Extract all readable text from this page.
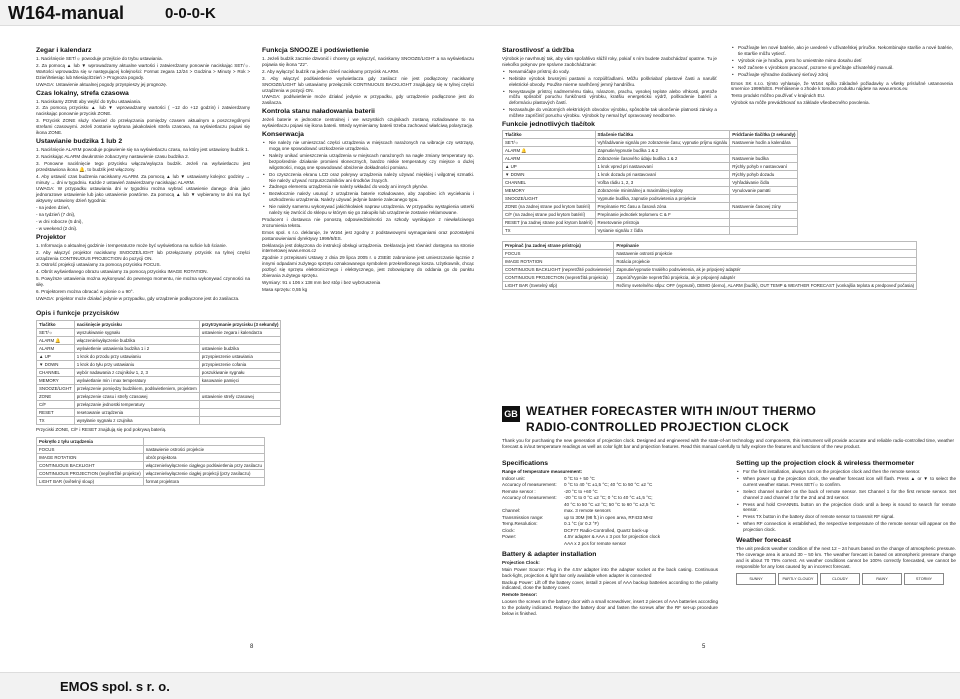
W164-manual	0-0-0-K
Zegar i kalendarz
1. Naciśnięcie SET/☼ powoduje przejście do trybu ustawiania.
2. Za pomocą ▲ lub ▼ wprowadzamy aktualne wartości i zatwierdzamy ponownie naciskając SET/☼. Wartości wprowadza się w następującej kolejności: Format zegara 12/24 > Godzina > Minuty > Rok > Dzień/Miesiąc lub Miesiąc/Dzień > Prognoza pogody.
UWAGA: Ustawienie aktualnej pogody przyspieszy jej prognozę.
Czas lokalny, strefa czasowa
1. Naciskamy ZONE aby wejść do trybu ustawiania.
2. Za pomocą przycisku ▲ lub ▼ wprowadzamy wartości ( −12 do +12 godzin) i zatwierdzamy naciskając ponownie przycisk ZONE.
3. Przycisk ZONE służy również do przełączania pomiędzy czasem aktualnym a poszczególnymi strefami czasowymi. Jeżeli zostanie wybrana jakakolwiek strefa czasowa, na wyświetlaczu pojawi się ikona ZONE.
Ustawianie budzika 1 lub 2
1. Naciśnięcie ALARM powoduje pojawienie się na wyświetlaczu czasu, na który jest ustawiony budzik 1.
2. Naciskając ALARM dwukrotnie zobaczymy nastawienie czasu budzika 2.
3. Ponowne naciśnięcie tego przycisku włącza/wyłącza budzik. Jeżeli na wyświetlaczu jest przedstawiona ikona 🔔, to budzik jest włączony.
4. Aby ustawić czas budzenia naciskamy ALARM. Za pomocą ▲ lub ▼ ustawiamy kolejno: godziny → minuty → dni w tygodniu. Każde z ustawień zatwierdzamy naciskając ALARM.
UWAGA: W przypadku ustawiania dni w tygodniu można wybrać ustawienie danego dnia jako jednorazowe ustawienie lub jako ustawienie powtórne. Za pomocą ▲ lub ▼ wybieramy te dni ma być aktywny ustawiony dzień tygodnia:
- na jeden dzień,
- na tydzień (7 dni),
- w dni robocze (5 dni),
- w weekend (2 dni).
Projektor
1. Informacja o aktualnej godzinie i temperaturze może być wyświetlona na suficie lub ścianie.
2. Aby włączyć projektor naciskamy SNOOZE/LIGHT lub przełączamy przycisk na tylnej części urządzenia CONTINUOUS PROJECTION do pozycji ON.
3. Ostrość projekcji ustawiamy za pomocą przycisku FOCUS.
4. Obrót wyświetlanego obrazu ustawiamy za pomocą przycisku IMAGE ROTATION.
5. Powyższe ustawienia można wykonywać do pewnego momentu, nie można wykonywać czynności na siłę.
6. Projektorem można obracać w pionie o ± 90°.
UWAGA: projektor może działać jedynie w przypadku, gdy urządzenie podłączone jest do zasilacza.
Opis i funkcje przycisków
Tlačítko	naciśnięcie przycisku	przytrzymanie przycisku (3 sekundy)
SET/☼	wyszukiwanie sygnału	ustawienie zegara i kalendarza
ALARM 🔔	włączenie/wyłączenie budzika	
ALARM	wyświetlenie ustawienia budzika 1 i 2	ustawienie budzika
▲ UP	1 krok do przodu przy ustawianiu	przyspieszenie ustawiania
▼ DOWN	1 krok do tyłu przy ustawianiu	przyspieszenie cofania
CHANNEL	wybór nadawania z czujników 1, 2, 3	poszukiwanie sygnału
MEMORY	wyświetlanie min i max temperatury	kasowanie pamięci
SNOOZE/LIGHT	przełączenie pomiędzy budzikiem, podświetleniem, projektem	
ZONE	przełączenie czasu i strefy czasowej	ustawienie strefy czasowej
C/F	przełączanie jednostki temperatury	
RESET	resetowanie urządzenia	
TX	wysyłanie sygnału z czujnika	
Przyciski ZONE, C/F i RESET znajdują się pod pokrywą baterią.
Pokrętło z tyłu urządzenia	
FOCUS	nastawienie ostrości projekcie
IMAGE ROTATION	obrót projektora
CONTINUOUS BACKLIGHT	włączenie/wyłączenie ciągłego podświetlenia przy zasilaczu
CONTINUOUS PROJECTION (nepřetržité projekce)	włączenie/wyłączenie ciągłej projekcji (przy zasilaczu)
LIGHT BAR (světelný sloup)	format projektora
Funkcja SNOOZE i podświetlenie
1. Jeżeli budzik zacznie dzwonić i chcemy go wyłączyć, naciskamy SNOOZE/LIGHT a na wyświetlaczu pojawia się ikona "Zz".
2. Aby wyłączyć budzik na jeden dzień naciskamy przycisk ALARM.
3. Aby włączyć podświetlenie wyświetlacza gdy zasilacz nie jest podłączony naciskamy SNOOZE/LIGHT lub ustawiamy przełącznik CONTINUOUS BACKLIGHT znajdujący się w tylnej części urządzenia w pozycji ON.
UWAGA: podświetlenie może działać jedynie w przypadku, gdy urządzenie podłączone jest do zasilacza.
Kontrola stanu naładowania baterii
Jeżeli baterie w jednostce centralnej i we wszystkich czujnikach zostaną rozładowane to na wyświetlaczu pojawi się ikona baterii. Wtedy wymieniamy baterii trzeba zachować właściwą polaryzację.
Konserwacja
• Nie należy nie umieszczać części urządzenia w miejscach narażonych na wibracje czy wstrząsy, mogą one spowodować uszkodzenie urządzenia.
• Należy unikać umieszczenia urządzenia w miejscach narażonych na nagłe zmiany temperatury np. bezpośrednie działanie promieni słonecznych, bardzo niskie temperatury czy miejsce o dużej wilgotności, mogą one spowodować obniżenie dokładności pomiaru.
• Do czyszczenia ekranu LCD oraz pokrywy urządzenia należy używać miękkiej i wilgotnej szmatki. Nie należy używać rozpuszczalników ani środków żrących.
• Żadnego elementu urządzenia nie należy wkładać do wody ani innych płynów.
• Bezwłocznie należy usunąć z urządzenia baterie rozładowane, aby zapobiec ich wyciekaniu i uszkodzeniu urządzenia. Należy używać jedynie baterie zalecanego typu.
• Nie należy samemu wykonywać jakichkolwiek napraw urządzenia. W przypadku wystąpienia usterki należy się zwrócić do sklepu w którym się go zakupiło lub urządzenie zostanie reklamowane.
Producent i dostawca nie ponoszą odpowiedzialności za szkody wynikające z niewłaściwego zrozumienia tekstu.
Emos spol. s r.o. deklaruje, że W164 jest zgodny z podstawowymi wymaganiami oraz pozostałymi postanowieniami dyrektywy 1999/5/ES.
Deklaracja jest dołączona do instrukcji obsługi urządzenia. Deklaracja jest również dostępna na stronie internetowej www.emos.cz
Zgodnie z przepisami Ustawy z dnia 29 lipca 2005 r. o ZSEiE zabronione jest umieszczanie łącznie z innymi odpadami zużytego sprzętu oznakowanego symbolem przekreślonego kosza. Użytkownik, chcąc pozbyć się sprzętu elektronicznego i elektrycznego, jest zobowiązany do oddania go do punktu zbierania zużytego sprzętu.
Wymiary: 91 x 106 x 138 mm bez stóp i bez wybrzuszenia
Masa sprzętu: 0,55 kg
Starostlivosť a údržba
Výrobok je navrhnutý tak, aby vám spoľahlivo slúžil roky, pokiaľ s ním budete zaobchádzať opatrne. Tu je niekoľko pokynov pre správne zaobchádzanie:
• Nenamáčajte prístroj do vody.
• Nebitúte výrobok brusnými pastami a rozpúšťadlami. Môžu poškriabať plastové časti a narušiť elektrické obvody. Použite mierne navlhčený jemný handričku.
• Nevystavujte prístroj nadmernému tlaku, nárazom, prachu, vysokej teplote alebo vlhkosti, pretože môžu spôsobiť poruchu funkčnosti výrobku, kratšiu energetickú výdrž, poškodenie batérií a deformáciu plastových častí.
• Nezasahujte do vnútorných elektrických obvodov výrobku, spôsobíte tak ukončenie platnosti záruky a môžete zapríčiniť poruchu výrobku. Výrobok by nemal byť opravovaný neodborne.
Funkcie jednotlivých tlačítok
Tlačítko	Stlačenie tlačítka	Pridržanie tlačítka (3 sekundy)
SET/☼	Vyhľadávanie signálu pre zobrazenie času; vypnutie príjmu signálu	Nastavenie hodín a kalendára
ALARM 🔔	Zapnutie/vypnutie budíka 1 & 2	
ALARM	Zobrazenie časového údaju budíka 1 & 2	Nastavenie budíka
▲ UP	1 krok vpred pri nastavovaní	Rýchly pohyb v nastavovaní
▼ DOWN	1 krok dozadu pri nastavovaní	Rýchly pohyb dozadu
CHANNEL	Voľba rádiu 1, 2, 3	Vyhľadávanie čidla
MEMORY	Zobrazenie minimálnej a maximálnej teploty	Vynulovanie pamäti
SNOOZE/LIGHT	Vypnutie budíka, zapnutie podsvietenia a projekcie	
ZONE (na zadnej strane pod krytom batérií)	Prepínanie RC času a časová zóna	Nastavenie časovej zóny
C/F (na zadnej strane pod krytom batérií)	Prepínanie jednotiek teplomeru C & F	
RESET (na zadnej strane pod krytom batérií)	Resetovanie prístroja	
TX	Vysianie signálu z čidla	
Prepínač (na zadnej strane prístroja)	Prepínanie
FOCUS	Nastavenie ostrosti projekcie
IMAGE ROTATION	Rotácia projekcie
CONTINUOUS BACKLIGHT (nepretržité podsvietenie)	Zapnutie/vypnutie trvalého podsvietenia, ak je pripojený adaptér
CONTINUOUS PROJECTION (nepretržitá projekcia)	Zapnúť/Vypnúte nepretržitú projekcia, ak je pripojený adaptér
LIGHT BAR (Svetelný stĺp)	Režimy svetelného stĺpu: OFF (vypnuté), DEMO (demo), ALARM (budík), OUT TEMP & WEATHER FORECAST (vonkajšia teplota & predpoveď počasia)
• Používajte len nové batérie, ako je uvedené v užívateľskej príručke. Nekombinujte staršie a nové batérie, tie staršie môžu vytiecť.
• Výrobok nie je hračka, preto ho umiestnite mimo dosahu detí
• Než začnete s výrobkom pracovať, pozorne si prečítajte užívateľský manuál.
• Používajte výhradne dodávaný sieťový zdroj
Emos SK s.r.o. týmto vyhlasuje, že W164 spĺňa základné požiadavky a všetky príslušné ustanovenia smernice 1999/5/ES. Prehlásenie o zhode k tomuto produktu nájdete na www.emos.eu
Tento produkt môžno používať v krajinách EU.
Výrobok sa môže prevádzkovať na základe všeobecného povolenia.
GB WEATHER FORECASTER WITH IN/OUT THERMO
RADIO-CONTROLLED PROJECTION CLOCK
Thank you for purchasing the new generation of projection clock. Designed and engineered with the state-of-art technology and components, this instrument will provide accurate and reliable radio-controlled time, weather forecast & in/out temperature readings as well as color light bar and projection features. Read this manual carefully to fully explore the features and functions of the new product.
Specifications
Range of temperature measurement:
Indoor unit:	0 °C to + 50 °C
Accuracy of measurement:	0 °C to 40 °C ±1,5 °C; 40 °C to 50 °C ±2 °C
Remote sensor :	-20 °C to +60 °C
Accuracy of measurement:	-20 °C to 0 °C ±2 °C; 0 °C to 40 °C ±1,5 °C;
40 °C to 50 °C ±2 °C; 50 °C to 60 °C ±2,5 °C
Channel:	max. 3 remote sensors
Transmission range:	up to 30M (98 ft.) in open area, RF433 MHz
Temp.Resolution:	0.1 °C (or 0.2 °F)
Clock:	DCF77 Radio-Controlled, Quartz back-up
Power:	4.5V adapter & AAA x 3 pcs for projection clock
AAA x 2 pcs for remote sensor
Battery & adapter installation
Projection Clock:
Main Power Source: Plug in the 4.5V adapter into the adapter socket at the back casing. Continuous back-light, projection & light bar only available when adapter is connected
Backup Power: Lift off the battery cover, install 3 pieces of AAA backup batteries according to the polarity indicated, close the battery cover.
Remote Sensor:
Loosen the screws on the battery door with a small screwdriver, insert 2 pieces of AAA batteries according to the polarity indicated. Replace the battery door and fasten the screws after the RF set-up procedure below is finished.
Setting up the projection clock & wireless thermometer
• For the first installation, always turn on the projection clock and then the remote sensor.
• When power up the projection clock, the weather forecast icon will flash. Press ▲ or ▼ to select the current weather status. Press SET/☼ to confirm.
• Select channel number on the back of remote sensor. Set Channel 1 for the first remote sensor. Set channel 2 and channel 3 for the 2nd and 3rd sensor.
• Press and hold CHANNEL button on the projection clock until a beep is sound to search for remote sensor.
• Press TX button in the battery door of remote sensor to transmit RF signal.
• When RF connection is established, the respective temperature of the remote sensor will appear on the projection clock.
Weather forecast
The unit predicts weather condition of the next 12 – 24 hours based on the change of atmospheric pressure. The coverage area is around 30 – 50 km. The weather forecast is based on atmospheric pressure change and is about 70 75% correct. As weather conditions cannot be 100% correctly forecasted, we cannot be responsible for any loss caused by an incorrect forecast.
SUNNY	PARTLY CLOUDY	CLOUDY	RAINY	STORMY
8	5
EMOS spol. s r. o.
